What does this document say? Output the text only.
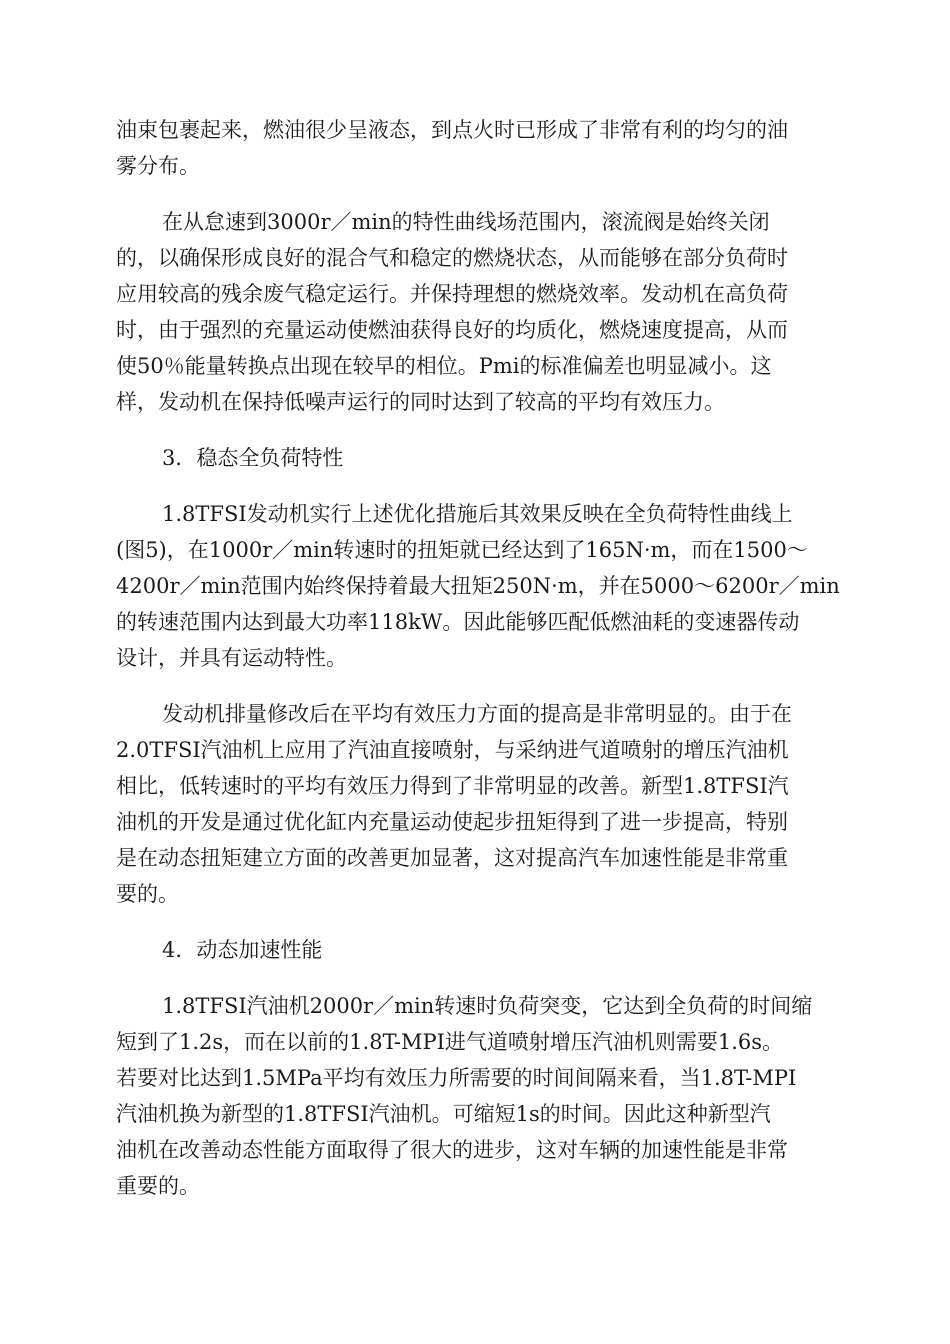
油束包裹起来，燃油很少呈液态，到点火时已形成了非常有利的均匀的油
雾分布。

在从怠速到3000r／min的特性曲线场范围内，滚流阀是始终关闭
的，以确保形成良好的混合气和稳定的燃烧状态，从而能够在部分负荷时
应用较高的残余废气稳定运行。并保持理想的燃烧效率。发动机在高负荷
时，由于强烈的充量运动使燃油获得良好的均质化，燃烧速度提高，从而
使50％能量转换点出现在较早的相位。Pmi的标准偏差也明显减小。这
样，发动机在保持低噪声运行的同时达到了较高的平均有效压力。

3．稳态全负荷特性

1.8TFSI发动机实行上述优化措施后其效果反映在全负荷特性曲线上
(图5)，在1000r／min转速时的扭矩就已经达到了165N·m，而在1500～
4200r／min范围内始终保持着最大扭矩250N·m，并在5000～6200r／min
的转速范围内达到最大功率118kW。因此能够匹配低燃油耗的变速器传动
设计，并具有运动特性。

发动机排量修改后在平均有效压力方面的提高是非常明显的。由于在
2.0TFSI汽油机上应用了汽油直接喷射，与采纳进气道喷射的增压汽油机
相比，低转速时的平均有效压力得到了非常明显的改善。新型1.8TFSI汽
油机的开发是通过优化缸内充量运动使起步扭矩得到了进一步提高，特别
是在动态扭矩建立方面的改善更加显著，这对提高汽车加速性能是非常重
要的。

4．动态加速性能

1.8TFSI汽油机2000r／min转速时负荷突变，它达到全负荷的时间缩
短到了1.2s，而在以前的1.8T-MPI进气道喷射增压汽油机则需要1.6s。
若要对比达到1.5MPa平均有效压力所需要的时间间隔来看，当1.8T-MPI
汽油机换为新型的1.8TFSI汽油机。可缩短1s的时间。因此这种新型汽
油机在改善动态性能方面取得了很大的进步，这对车辆的加速性能是非常
重要的。
